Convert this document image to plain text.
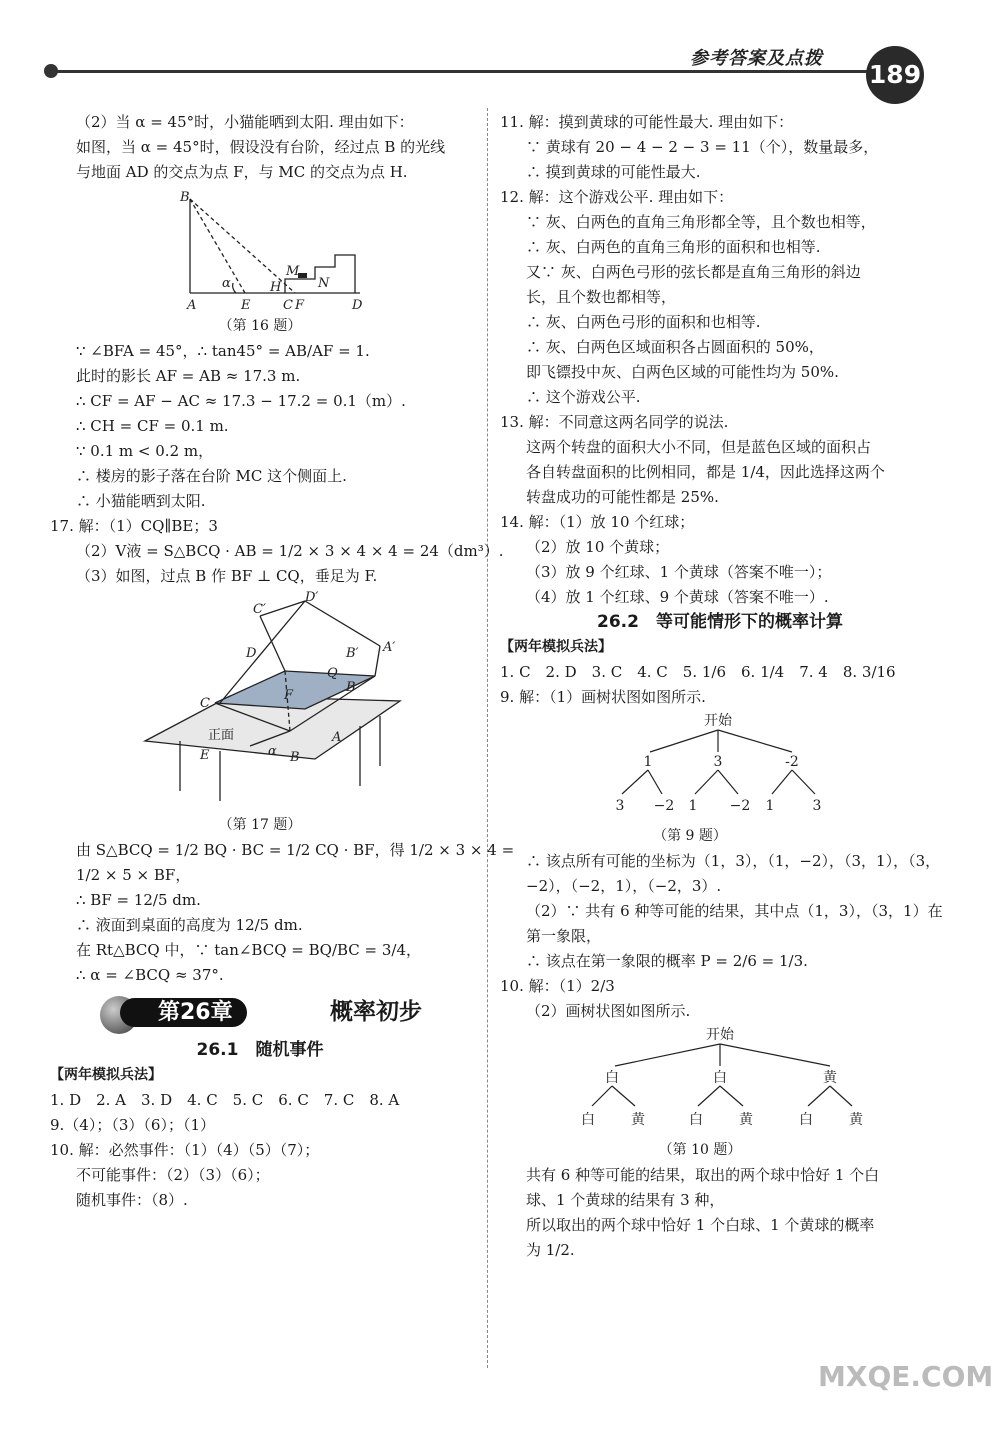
参考答案及点拨
189

（2）当 α = 45°时，小猫能晒到太阳. 理由如下：

如图，当 α = 45°时，假设没有台阶，经过点 B 的光线

与地面 AD 的交点为点 F，与 MC 的交点为点 H.

B
α
M
N
H
A	E	C F	D

（第 16 题）

∵ ∠BFA = 45°，∴ tan45° = AB/AF = 1.

此时的影长 AF = AB ≈ 17.3 m.

∴ CF = AF − AC ≈ 17.3 − 17.2 = 0.1（m）.

∴ CH = CF = 0.1 m.

∵ 0.1 m < 0.2 m，

∴ 楼房的影子落在台阶 MC 这个侧面上.

∴ 小猫能晒到太阳.

17. 解：（1）CQ∥BE；3

（2）V液 = S△BCQ · AB = 1/2 × 3 × 4 × 4 = 24（dm³）.

（3）如图，过点 B 作 BF ⊥ CQ，垂足为 F.

D′
C′
B′ A′
D
Q
B
C
F
A
正面
E	α B

（第 17 题）

由 S△BCQ = 1/2 BQ · BC = 1/2 CQ · BF，得 1/2 × 3 × 4 =

1/2 × 5 × BF，

∴ BF = 12/5 dm.

∴ 液面到桌面的高度为 12/5 dm.

在 Rt△BCQ 中，∵ tan∠BCQ = BQ/BC = 3/4，

∴ α = ∠BCQ ≈ 37°.

第26章	概率初步

26.1　随机事件

【两年模拟兵法】

1. D　2. A　3. D　4. C　5. C　6. C　7. C　8. A

9.（4）；（3）（6）；（1）

10. 解：必然事件：（1）（4）（5）（7）；

不可能事件：（2）（3）（6）；

随机事件：（8）.

11. 解：摸到黄球的可能性最大. 理由如下：

∵ 黄球有 20 − 4 − 2 − 3 = 11（个），数量最多，

∴ 摸到黄球的可能性最大.

12. 解：这个游戏公平. 理由如下：

∵ 灰、白两色的直角三角形都全等，且个数也相等，

∴ 灰、白两色的直角三角形的面积和也相等.

又∵ 灰、白两色弓形的弦长都是直角三角形的斜边

长，且个数也都相等，

∴ 灰、白两色弓形的面积和也相等.

∴ 灰、白两色区域面积各占圆面积的 50%，

即飞镖投中灰、白两色区域的可能性均为 50%.

∴ 这个游戏公平.

13. 解：不同意这两名同学的说法.

这两个转盘的面积大小不同，但是蓝色区域的面积占

各自转盘面积的比例相同，都是 1/4，因此选择这两个

转盘成功的可能性都是 25%.

14. 解：（1）放 10 个红球；

（2）放 10 个黄球；

（3）放 9 个红球、1 个黄球（答案不唯一）；

（4）放 1 个红球、9 个黄球（答案不唯一）.

26.2　等可能情形下的概率计算

【两年模拟兵法】

1. C　2. D　3. C　4. C　5. 1/6　6. 1/4　7. 4　8. 3/16

9. 解：（1）画树状图如图所示.

开始
1	3	-2
3 −2 1 −2 1	3

（第 9 题）

∴ 该点所有可能的坐标为（1，3），（1，−2），（3，1），（3，

−2），（−2，1），（−2，3）.

（2）∵ 共有 6 种等可能的结果，其中点（1，3），（3，1）在

第一象限，

∴ 该点在第一象限的概率 P = 2/6 = 1/3.

10. 解：（1）2/3

（2）画树状图如图所示.

开始
白	白	黄
白	黄	白	黄	白	黄

（第 10 题）

共有 6 种等可能的结果，取出的两个球中恰好 1 个白

球、1 个黄球的结果有 3 种，

所以取出的两个球中恰好 1 个白球、1 个黄球的概率

为 1/2.

MXQE.COM
